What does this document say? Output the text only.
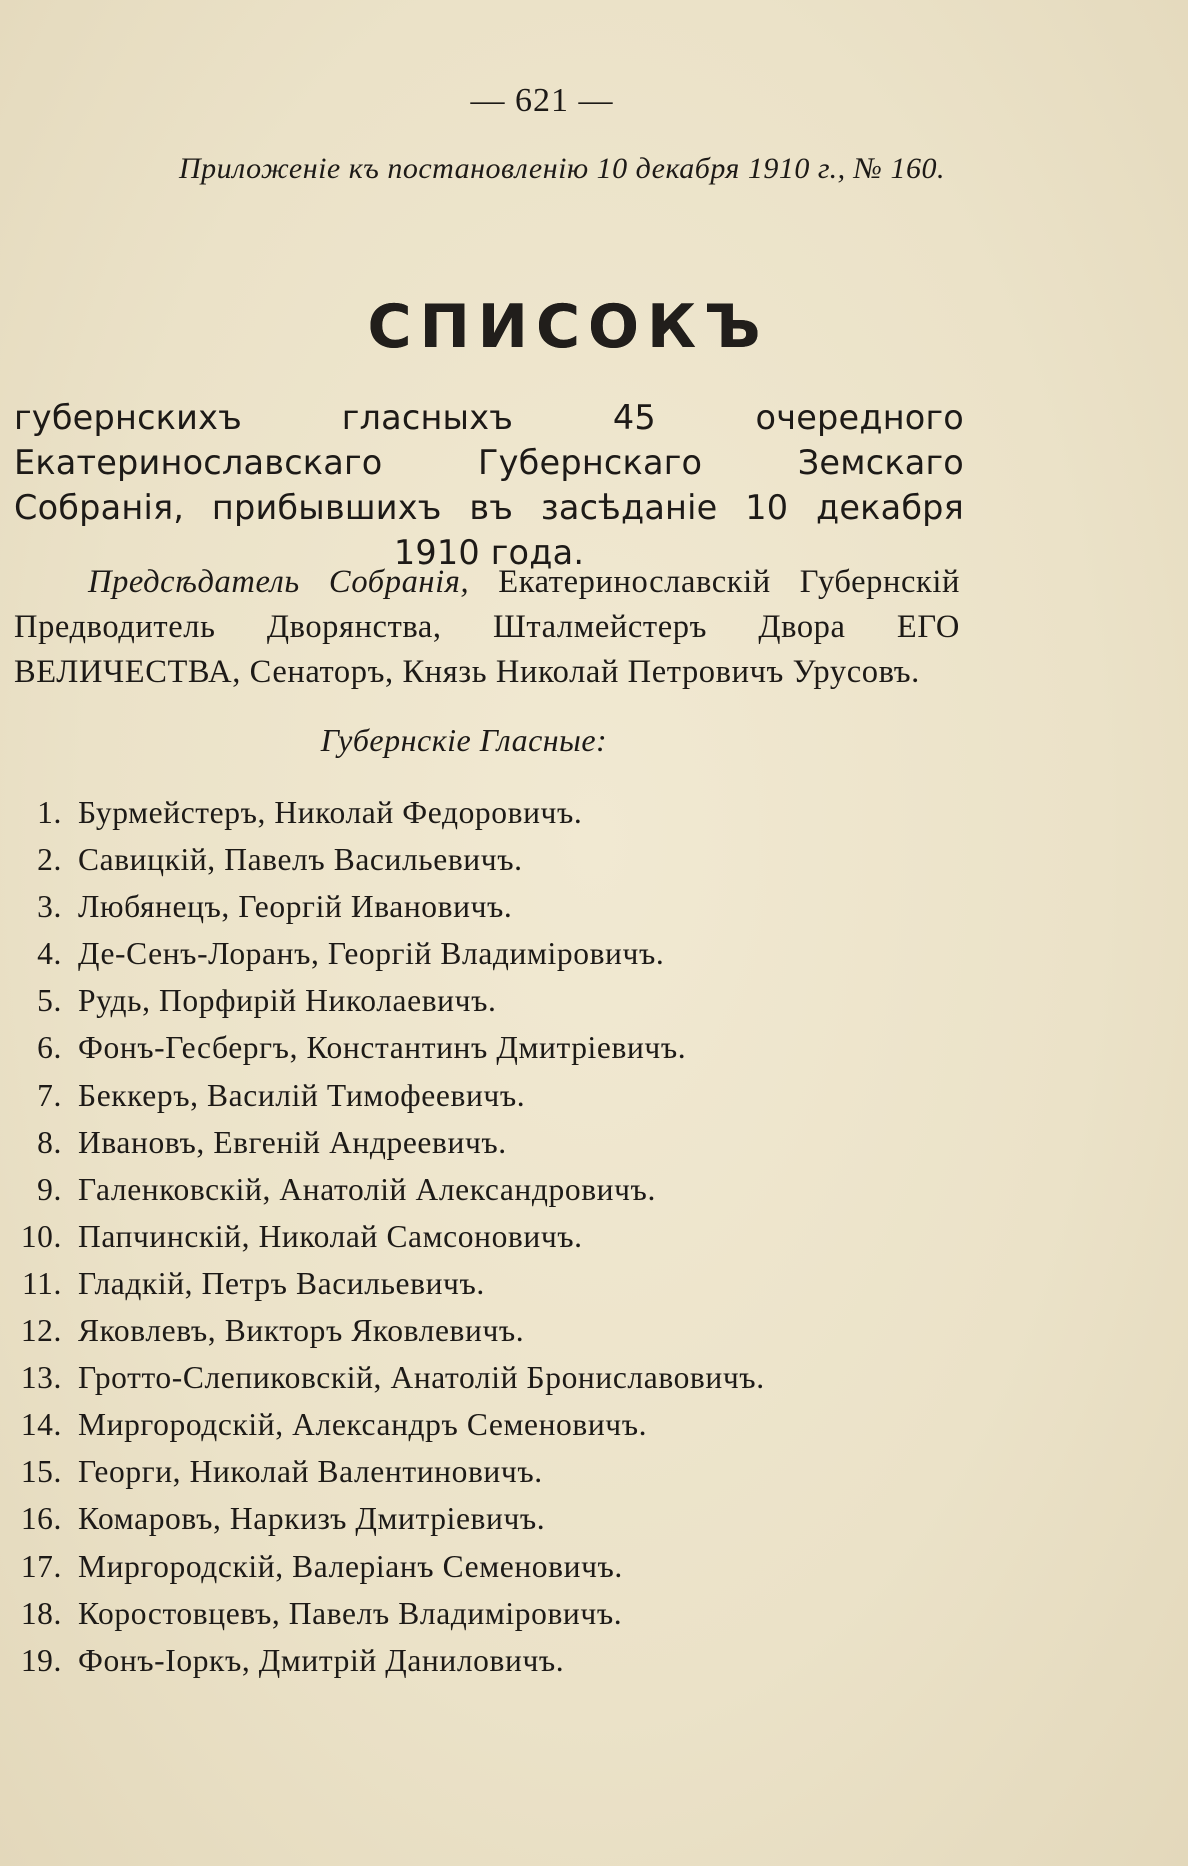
— 621 —
Приложеніе къ постановленію 10 декабря 1910 г., № 160.
СПИСОКЪ
губернскихъ гласныхъ 45 очередного Екатеринославскаго Губернскаго Земскаго Собранія, прибывшихъ въ засѣданіе 10 декабря 1910 года.
Предсѣдатель Собранія, Екатеринославскій Губернскій Предводитель Дворянства, Шталмейстеръ Двора ЕГО ВЕЛИЧЕСТВА, Сенаторъ, Князь Николай Петровичъ Урусовъ.
Губернскіе Гласные:
1. Бурмейстеръ, Николай Федоровичъ.
2. Савицкій, Павелъ Васильевичъ.
3. Любянецъ, Георгій Ивановичъ.
4. Де-Сенъ-Лоранъ, Георгій Владиміровичъ.
5. Рудь, Порфирій Николаевичъ.
6. Фонъ-Гесбергъ, Константинъ Дмитріевичъ.
7. Беккеръ, Василій Тимофеевичъ.
8. Ивановъ, Евгеній Андреевичъ.
9. Галенковскій, Анатолій Александровичъ.
10. Папчинскій, Николай Самсоновичъ.
11. Гладкій, Петръ Васильевичъ.
12. Яковлевъ, Викторъ Яковлевичъ.
13. Гротто-Слепиковскій, Анатолій Брониславовичъ.
14. Миргородскій, Александръ Семеновичъ.
15. Георги, Николай Валентиновичъ.
16. Комаровъ, Наркизъ Дмитріевичъ.
17. Миргородскій, Валеріанъ Семеновичъ.
18. Коростовцевъ, Павелъ Владиміровичъ.
19. Фонъ-Іоркъ, Дмитрій Даниловичъ.
